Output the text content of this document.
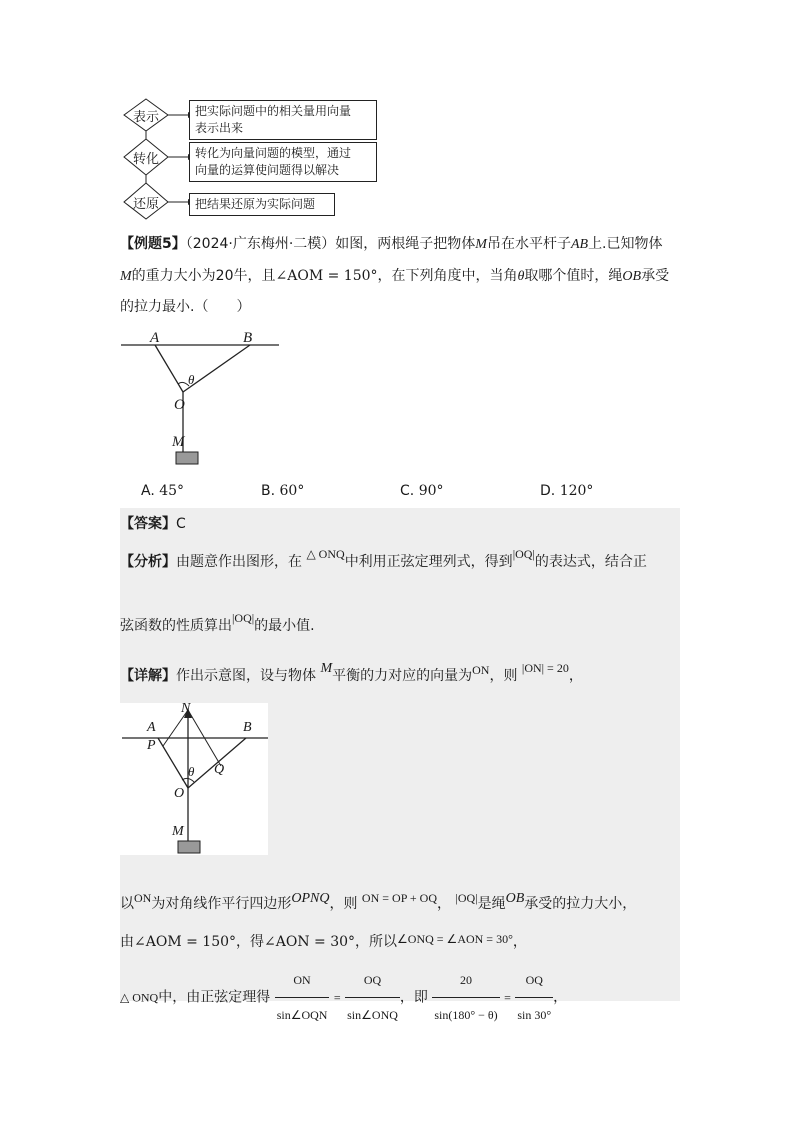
表示
转化
还原
把实际问题中的相关量用向量
表示出来
转化为向量问题的模型，通过
向量的运算使问题得以解决
把结果还原为实际问题
【例题5】（2024·广东梅州·二模）如图，两根绳子把物体M吊在水平杆子AB上.已知物体
M的重力大小为20牛，且∠AOM = 150°，在下列角度中，当角θ取哪个值时，绳OB承受
的拉力最小.（　　）
A	B
θ
O
M
A. 45°	B. 60°	C. 90°	D. 120°
【答案】C
【分析】由题意作出图形，在 △ ONQ中利用正弦定理列式，得到|OQ|的表达式，结合正
弦函数的性质算出|OQ|的最小值.
【详解】作出示意图，设与物体 M平衡的力对应的向量为ON，则 |ON| = 20，
N
A	B
P
Q
θ
O
M
以ON为对角线作平行四边形OPNQ，则 ON = OP + OQ， |OQ|是绳OB承受的拉力大小，
由∠AOM = 150°，得∠AON = 30°，所以∠ONQ = ∠AON = 30°，
△ ONQ中，由正弦定理得 $\frac{ON}{\text{sin∠OQN}} = \frac{OQ}{\text{sin∠ONQ}}$ ，即 $\frac{20}{\sin(180^\circ - \theta)} = \frac{OQ}{\sin 30^\circ}$ ，
